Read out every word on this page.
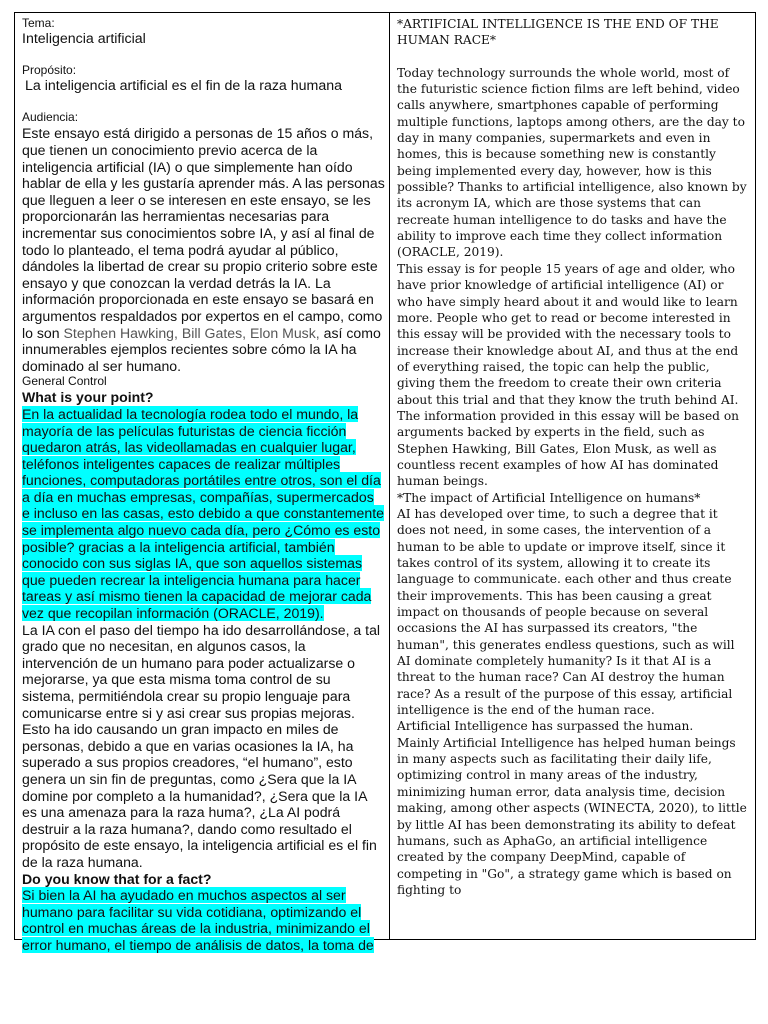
Tema:

Inteligencia artificial

Propósito:

La inteligencia artificial es el fin de la raza humana

Audiencia:

Este ensayo está dirigido a personas de 15 años o más, que tienen un conocimiento previo acerca de la inteligencia artificial (IA) o que simplemente han oído hablar de ella y les gustaría aprender más. A las personas que lleguen a leer o se interesen en este ensayo, se les proporcionarán las herramientas necesarias para incrementar sus conocimientos sobre IA, y así al final de todo lo planteado, el tema podrá ayudar al público, dándoles la libertad de crear su propio criterio sobre este ensayo y que conozcan la verdad detrás la IA. La información proporcionada en este ensayo se basará en argumentos respaldados por expertos en el campo, como lo son Stephen Hawking, Bill Gates, Elon Musk, así como innumerables ejemplos recientes sobre cómo la IA ha dominado al ser humano.

General Control

What is your point?

En la actualidad la tecnología rodea todo el mundo, la mayoría de las películas futuristas de ciencia ficción quedaron atrás, las videollamadas en cualquier lugar, teléfonos inteligentes capaces de realizar múltiples funciones, computadoras portátiles entre otros, son el día a día en muchas empresas, compañías, supermercados e incluso en las casas, esto debido a que constantemente se implementa algo nuevo cada día, pero ¿Cómo es esto posible? gracias a la inteligencia artificial, también conocido con sus siglas IA, que son aquellos sistemas que pueden recrear la inteligencia humana para hacer tareas y así mismo tienen la capacidad de mejorar cada vez que recopilan información (ORACLE, 2019).

La IA con el paso del tiempo ha ido desarrollándose, a tal grado que no necesitan, en algunos casos, la intervención de un humano para poder actualizarse o mejorarse, ya que esta misma toma control de su sistema, permitiéndola crear su propio lenguaje para comunicarse entre si y asi crear sus propias mejoras. Esto ha ido causando un gran impacto en miles de personas, debido a que en varias ocasiones la IA, ha superado a sus propios creadores, “el humano”, esto genera un sin fin de preguntas, como ¿Sera que la IA domine por completo a la humanidad?, ¿Sera que la IA es una amenaza para la raza huma?, ¿La AI podrá destruir a la raza humana?, dando como resultado el propósito de este ensayo, la inteligencia artificial es el fin de la raza humana.

Do you know that for a fact?

Si bien la AI ha ayudado en muchos aspectos al ser humano para facilitar su vida cotidiana, optimizando el control en muchas áreas de la industria, minimizando el error humano, el tiempo de análisis de datos, la toma de

*ARTIFICIAL INTELLIGENCE IS THE END OF THE HUMAN RACE*

Today technology surrounds the whole world, most of the futuristic science fiction films are left behind, video calls anywhere, smartphones capable of performing multiple functions, laptops among others, are the day to day in many companies, supermarkets and even in homes, this is because something new is constantly being implemented every day, however, how is this possible? Thanks to artificial intelligence, also known by its acronym IA, which are those systems that can recreate human intelligence to do tasks and have the ability to improve each time they collect information (ORACLE, 2019).

This essay is for people 15 years of age and older, who have prior knowledge of artificial intelligence (AI) or who have simply heard about it and would like to learn more. People who get to read or become interested in this essay will be provided with the necessary tools to increase their knowledge about AI, and thus at the end of everything raised, the topic can help the public, giving them the freedom to create their own criteria about this trial and that they know the truth behind AI. The information provided in this essay will be based on arguments backed by experts in the field, such as Stephen Hawking, Bill Gates, Elon Musk, as well as countless recent examples of how AI has dominated human beings.

*The impact of Artificial Intelligence on humans*

AI has developed over time, to such a degree that it does not need, in some cases, the intervention of a human to be able to update or improve itself, since it takes control of its system, allowing it to create its language to communicate. each other and thus create their improvements. This has been causing a great impact on thousands of people because on several occasions the AI has surpassed its creators, "the human", this generates endless questions, such as will AI dominate completely humanity? Is it that AI is a threat to the human race? Can AI destroy the human race? As a result of the purpose of this essay, artificial intelligence is the end of the human race.

Artificial Intelligence has surpassed the human.

Mainly Artificial Intelligence has helped human beings in many aspects such as facilitating their daily life, optimizing control in many areas of the industry, minimizing human error, data analysis time, decision making, among other aspects (WINECTA, 2020), to little by little AI has been demonstrating its ability to defeat humans, such as AphaGo, an artificial intelligence created by the company DeepMind, capable of competing in "Go", a strategy game which is based on fighting to
